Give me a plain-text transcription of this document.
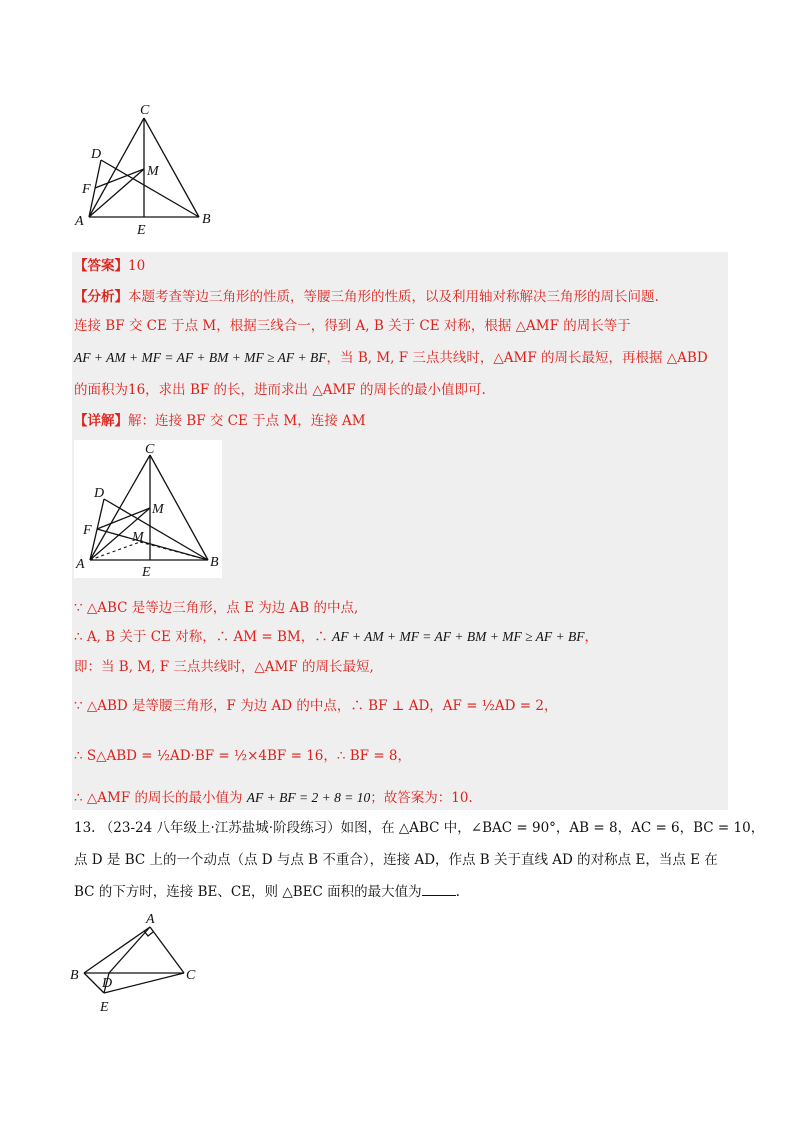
C
D
M
F
A	B
E
【答案】10
【分析】本题考查等边三角形的性质，等腰三角形的性质，以及利用轴对称解决三角形的周长问题.
连接 BF 交 CE 于点 M，根据三线合一，得到 A, B 关于 CE 对称，根据 △AMF 的周长等于
AF + AM + MF = AF + BM + MF ≥ AF + BF，当 B, M, F 三点共线时，△AMF 的周长最短，再根据 △ABD
的面积为16，求出 BF 的长，进而求出 △AMF 的周长的最小值即可.
【详解】解：连接 BF 交 CE 于点 M，连接 AM
C
D
M
M
F
A	B
E
∵ △ABC 是等边三角形，点 E 为边 AB 的中点,
∴ A, B 关于 CE 对称，∴ AM = BM，∴ AF + AM + MF = AF + BM + MF ≥ AF + BF，
即：当 B, M, F 三点共线时，△AMF 的周长最短,
∵ △ABD 是等腰三角形，F 为边 AD 的中点，∴ BF ⊥ AD，AF = ½AD = 2，
∴ S△ABD = ½AD·BF = ½×4BF = 16，∴ BF = 8，
∴ △AMF 的周长的最小值为 AF + BF = 2 + 8 = 10；故答案为：10.
13. （23-24 八年级上·江苏盐城·阶段练习）如图，在 △ABC 中，∠BAC = 90°，AB = 8，AC = 6，BC = 10，
点 D 是 BC 上的一个动点（点 D 与点 B 不重合），连接 AD，作点 B 关于直线 AD 的对称点 E，当点 E 在
BC 的下方时，连接 BE、CE，则 △BEC 面积的最大值为	.
A
B	C
D
E
